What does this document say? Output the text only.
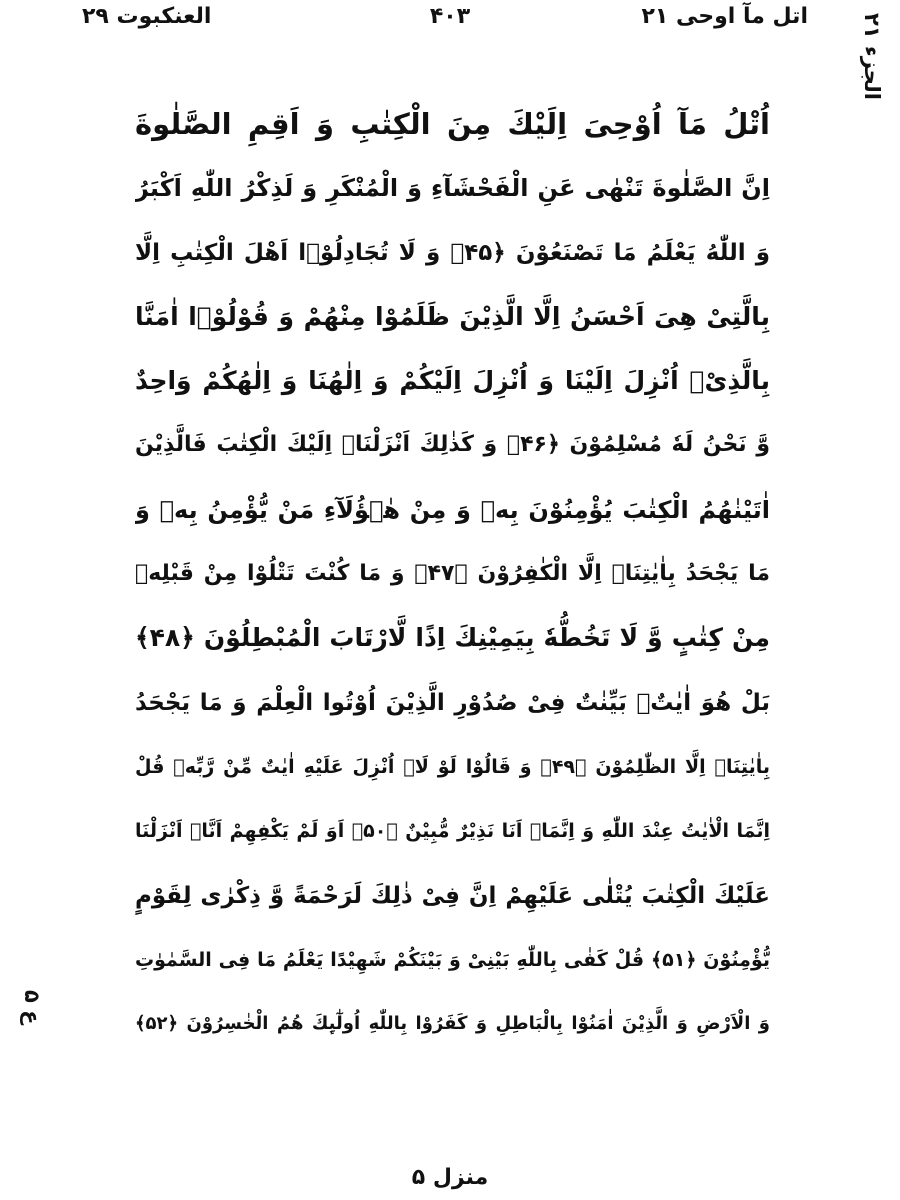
اتل مآ اوحی ۲۱
۴۰۳
العنکبوت ۲۹	الجزء ۲۱
ع ۵
اُتْلُ مَآ اُوْحِیَ اِلَیْكَ مِنَ الْكِتٰبِ وَ اَقِمِ الصَّلٰوةَ
اِنَّ الصَّلٰوةَ تَنْهٰى عَنِ الْفَحْشَآءِ وَ الْمُنْكَرِ وَ لَذِكْرُ اللّٰهِ اَكْبَرُ
وَ اللّٰهُ یَعْلَمُ مَا تَصْنَعُوْنَ ﴿۴۵﴾ وَ لَا تُجَادِلُوْۤا اَهْلَ الْكِتٰبِ اِلَّا
بِالَّتِیْ هِیَ اَحْسَنُ اِلَّا الَّذِیْنَ ظَلَمُوْا مِنْهُمْ وَ قُوْلُوْۤا اٰمَنَّا
بِالَّذِیْۤ اُنْزِلَ اِلَیْنَا وَ اُنْزِلَ اِلَیْكُمْ وَ اِلٰهُنَا وَ اِلٰهُكُمْ وَاحِدٌ
وَّ نَحْنُ لَهٗ مُسْلِمُوْنَ ﴿۴۶﴾ وَ كَذٰلِكَ اَنْزَلْنَاۤ اِلَیْكَ الْكِتٰبَ فَالَّذِیْنَ
اٰتَیْنٰهُمُ الْكِتٰبَ یُؤْمِنُوْنَ بِهٖ وَ مِنْ هٰۤؤُلَآءِ مَنْ یُّؤْمِنُ بِهٖ وَ
مَا یَجْحَدُ بِاٰیٰتِنَاۤ اِلَّا الْكٰفِرُوْنَ ﴿۴۷﴾ وَ مَا كُنْتَ تَتْلُوْا مِنْ قَبْلِهٖ
مِنْ كِتٰبٍ وَّ لَا تَخُطُّهٗ بِیَمِیْنِكَ اِذًا لَّارْتَابَ الْمُبْطِلُوْنَ ﴿۴۸﴾
بَلْ هُوَ اٰیٰتٌۢ بَیِّنٰتٌ فِیْ صُدُوْرِ الَّذِیْنَ اُوْتُوا الْعِلْمَ وَ مَا یَجْحَدُ
بِاٰیٰتِنَاۤ اِلَّا الظّٰلِمُوْنَ ﴿۴۹﴾ وَ قَالُوْا لَوْ لَاۤ اُنْزِلَ عَلَیْهِ اٰیٰتٌ مِّنْ رَّبِّهٖ قُلْ
اِنَّمَا الْاٰیٰتُ عِنْدَ اللّٰهِ وَ اِنَّمَاۤ اَنَا نَذِیْرٌ مُّبِیْنٌ ﴿۵۰﴾ اَوَ لَمْ یَكْفِهِمْ اَنَّاۤ اَنْزَلْنَا
عَلَیْكَ الْكِتٰبَ یُتْلٰى عَلَیْهِمْ اِنَّ فِیْ ذٰلِكَ لَرَحْمَةً وَّ ذِكْرٰى لِقَوْمٍ
یُّؤْمِنُوْنَ ﴿۵۱﴾ قُلْ كَفٰى بِاللّٰهِ بَیْنِیْ وَ بَیْنَكُمْ شَهِیْدًا یَعْلَمُ مَا فِی السَّمٰوٰتِ
وَ الْاَرْضِ وَ الَّذِیْنَ اٰمَنُوْا بِالْبَاطِلِ وَ كَفَرُوْا بِاللّٰهِ اُولٰٓىِٕكَ هُمُ الْخٰسِرُوْنَ ﴿۵۲﴾
منزل ۵
